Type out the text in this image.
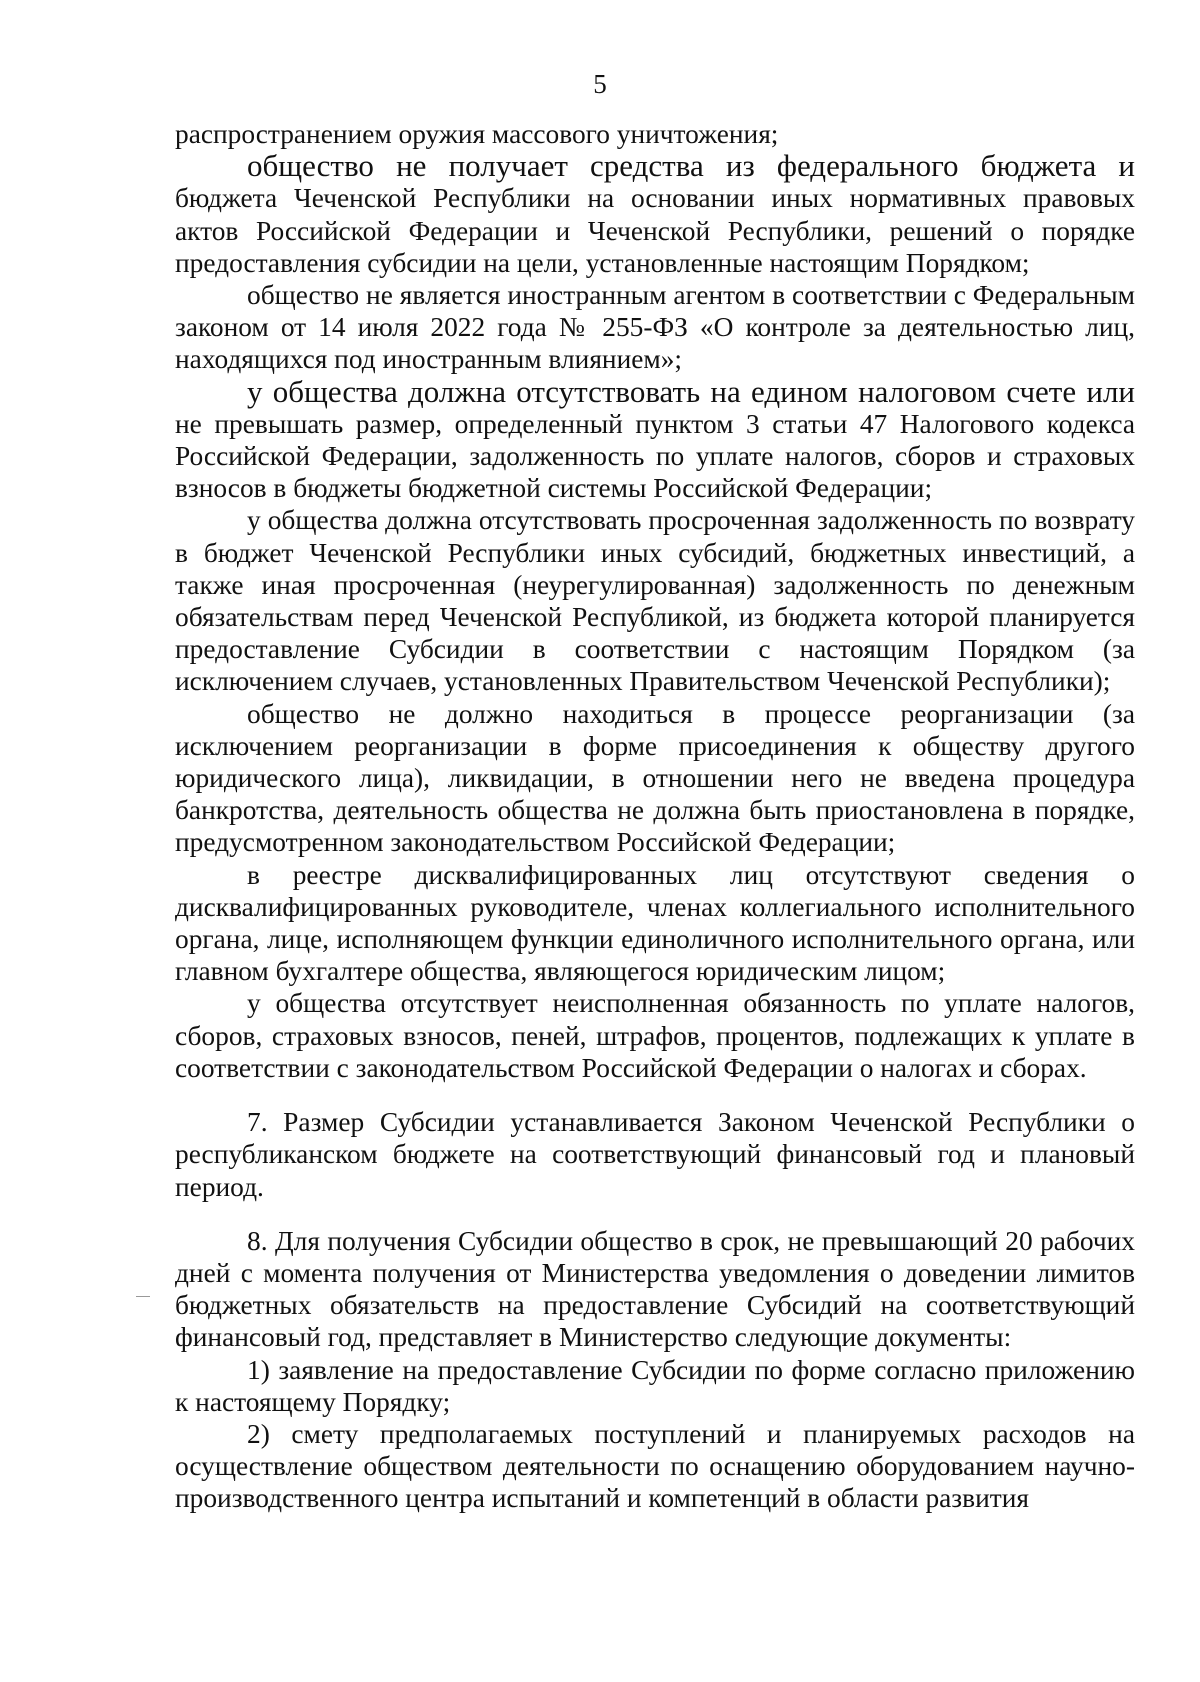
5

распространением оружия массового уничтожения;

общество не получает средства из федерального бюджета и бюджета Чеченской Республики на основании иных нормативных правовых актов Российской Федерации и Чеченской Республики, решений о порядке предоставления субсидии на цели, установленные настоящим Порядком;

общество не является иностранным агентом в соответствии с Федеральным законом от 14 июля 2022 года № 255-ФЗ «О контроле за деятельностью лиц, находящихся под иностранным влиянием»;

у общества должна отсутствовать на едином налоговом счете или не превышать размер, определенный пунктом 3 статьи 47 Налогового кодекса Российской Федерации, задолженность по уплате налогов, сборов и страховых взносов в бюджеты бюджетной системы Российской Федерации;

у общества должна отсутствовать просроченная задолженность по возврату в бюджет Чеченской Республики иных субсидий, бюджетных инвестиций, а также иная просроченная (неурегулированная) задолженность по денежным обязательствам перед Чеченской Республикой, из бюджета которой планируется предоставление Субсидии в соответствии с настоящим Порядком (за исключением случаев, установленных Правительством Чеченской Республики);

общество не должно находиться в процессе реорганизации (за исключением реорганизации в форме присоединения к обществу другого юридического лица), ликвидации, в отношении него не введена процедура банкротства, деятельность общества не должна быть приостановлена в порядке, предусмотренном законодательством Российской Федерации;

в реестре дисквалифицированных лиц отсутствуют сведения о дисквалифицированных руководителе, членах коллегиального исполнительного органа, лице, исполняющем функции единоличного исполнительного органа, или главном бухгалтере общества, являющегося юридическим лицом;

у общества отсутствует неисполненная обязанность по уплате налогов, сборов, страховых взносов, пеней, штрафов, процентов, подлежащих к уплате в соответствии с законодательством Российской Федерации о налогах и сборах.

7. Размер Субсидии устанавливается Законом Чеченской Республики о республиканском бюджете на соответствующий финансовый год и плановый период.

8. Для получения Субсидии общество в срок, не превышающий 20 рабочих дней с момента получения от Министерства уведомления о доведении лимитов бюджетных обязательств на предоставление Субсидий на соответствующий финансовый год, представляет в Министерство следующие документы:

1) заявление на предоставление Субсидии по форме согласно приложению к настоящему Порядку;

2) смету предполагаемых поступлений и планируемых расходов на осуществление обществом деятельности по оснащению оборудованием научно-производственного центра испытаний и компетенций в области развития
